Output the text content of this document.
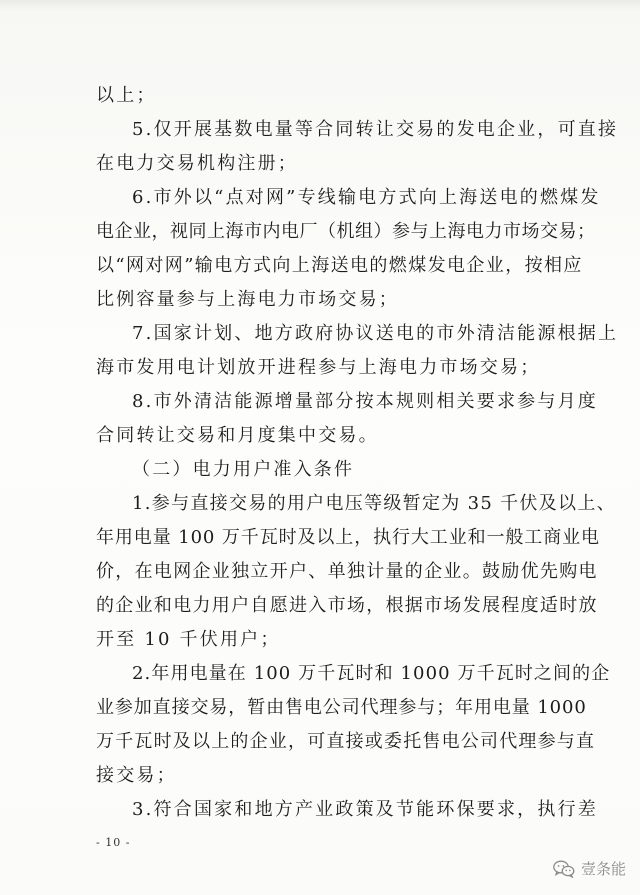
以上；
5.仅开展基数电量等合同转让交易的发电企业，可直接
在电力交易机构注册；
6.市外以“点对网”专线输电方式向上海送电的燃煤发
电企业，视同上海市内电厂（机组）参与上海电力市场交易；
以“网对网”输电方式向上海送电的燃煤发电企业，按相应
比例容量参与上海电力市场交易；
7.国家计划、地方政府协议送电的市外清洁能源根据上
海市发用电计划放开进程参与上海电力市场交易；
8.市外清洁能源增量部分按本规则相关要求参与月度
合同转让交易和月度集中交易。
（二）电力用户准入条件
1.参与直接交易的用户电压等级暂定为 35 千伏及以上、
年用电量 100 万千瓦时及以上，执行大工业和一般工商业电
价，在电网企业独立开户、单独计量的企业。鼓励优先购电
的企业和电力用户自愿进入市场，根据市场发展程度适时放
开至 10 千伏用户；
2.年用电量在 100 万千瓦时和 1000 万千瓦时之间的企
业参加直接交易，暂由售电公司代理参与；年用电量 1000
万千瓦时及以上的企业，可直接或委托售电公司代理参与直
接交易；
3.符合国家和地方产业政策及节能环保要求，执行差
- 10 -
壹条能
